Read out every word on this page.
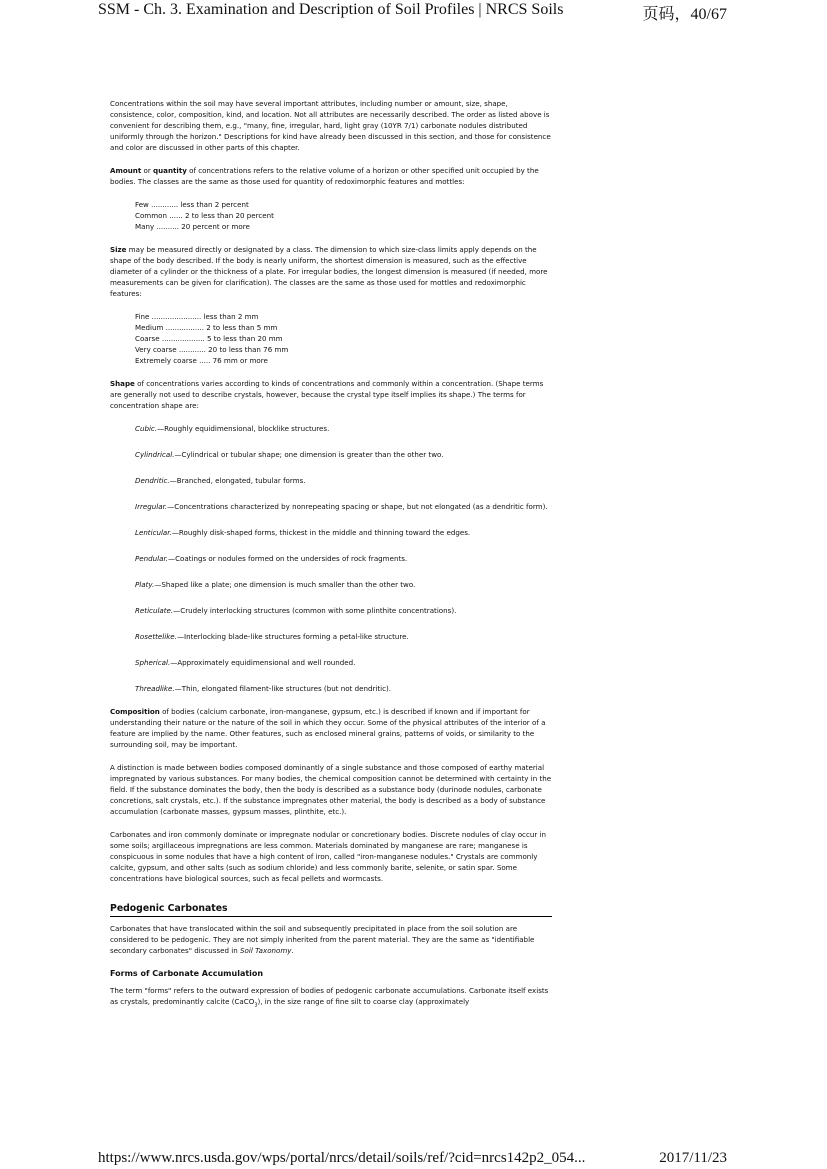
SSM - Ch. 3. Examination and Description of Soil Profiles | NRCS Soils	页码，40/67

Concentrations within the soil may have several important attributes, including number or amount, size, shape, consistence, color, composition, kind, and location. Not all attributes are necessarily described. The order as listed above is convenient for describing them, e.g., "many, fine, irregular, hard, light gray (10YR 7/1) carbonate nodules distributed uniformly through the horizon." Descriptions for kind have already been discussed in this section, and those for consistence and color are discussed in other parts of this chapter.

Amount or quantity of concentrations refers to the relative volume of a horizon or other specified unit occupied by the bodies. The classes are the same as those used for quantity of redoximorphic features and mottles:

Few ............ less than 2 percent
Common ...... 2 to less than 20 percent
Many .......... 20 percent or more

Size may be measured directly or designated by a class. The dimension to which size-class limits apply depends on the shape of the body described. If the body is nearly uniform, the shortest dimension is measured, such as the effective diameter of a cylinder or the thickness of a plate. For irregular bodies, the longest dimension is measured (if needed, more measurements can be given for clarification). The classes are the same as those used for mottles and redoximorphic features:

Fine ...................... less than 2 mm
Medium ................. 2 to less than 5 mm
Coarse ................... 5 to less than 20 mm
Very coarse ............ 20 to less than 76 mm
Extremely coarse ..... 76 mm or more

Shape of concentrations varies according to kinds of concentrations and commonly within a concentration. (Shape terms are generally not used to describe crystals, however, because the crystal type itself implies its shape.) The terms for concentration shape are:

Cubic.—Roughly equidimensional, blocklike structures.

Cylindrical.—Cylindrical or tubular shape; one dimension is greater than the other two.

Dendritic.—Branched, elongated, tubular forms.

Irregular.—Concentrations characterized by nonrepeating spacing or shape, but not elongated (as a dendritic form).

Lenticular.—Roughly disk-shaped forms, thickest in the middle and thinning toward the edges.

Pendular.—Coatings or nodules formed on the undersides of rock fragments.

Platy.—Shaped like a plate; one dimension is much smaller than the other two.

Reticulate.—Crudely interlocking structures (common with some plinthite concentrations).

Rosettelike.—Interlocking blade-like structures forming a petal-like structure.

Spherical.—Approximately equidimensional and well rounded.

Threadlike.—Thin, elongated filament-like structures (but not dendritic).

Composition of bodies (calcium carbonate, iron-manganese, gypsum, etc.) is described if known and if important for understanding their nature or the nature of the soil in which they occur. Some of the physical attributes of the interior of a feature are implied by the name. Other features, such as enclosed mineral grains, patterns of voids, or similarity to the surrounding soil, may be important.

A distinction is made between bodies composed dominantly of a single substance and those composed of earthy material impregnated by various substances. For many bodies, the chemical composition cannot be determined with certainty in the field. If the substance dominates the body, then the body is described as a substance body (durinode nodules, carbonate concretions, salt crystals, etc.). If the substance impregnates other material, the body is described as a body of substance accumulation (carbonate masses, gypsum masses, plinthite, etc.).

Carbonates and iron commonly dominate or impregnate nodular or concretionary bodies. Discrete nodules of clay occur in some soils; argillaceous impregnations are less common. Materials dominated by manganese are rare; manganese is conspicuous in some nodules that have a high content of iron, called "iron-manganese nodules." Crystals are commonly calcite, gypsum, and other salts (such as sodium chloride) and less commonly barite, selenite, or satin spar. Some concentrations have biological sources, such as fecal pellets and wormcasts.

Pedogenic Carbonates

Carbonates that have translocated within the soil and subsequently precipitated in place from the soil solution are considered to be pedogenic. They are not simply inherited from the parent material. They are the same as "identifiable secondary carbonates" discussed in Soil Taxonomy.

Forms of Carbonate Accumulation

The term "forms" refers to the outward expression of bodies of pedogenic carbonate accumulations. Carbonate itself exists as crystals, predominantly calcite (CaCO$_3$), in the size range of fine silt to coarse clay (approximately

https://www.nrcs.usda.gov/wps/portal/nrcs/detail/soils/ref/?cid=nrcs142p2_054...	2017/11/23
